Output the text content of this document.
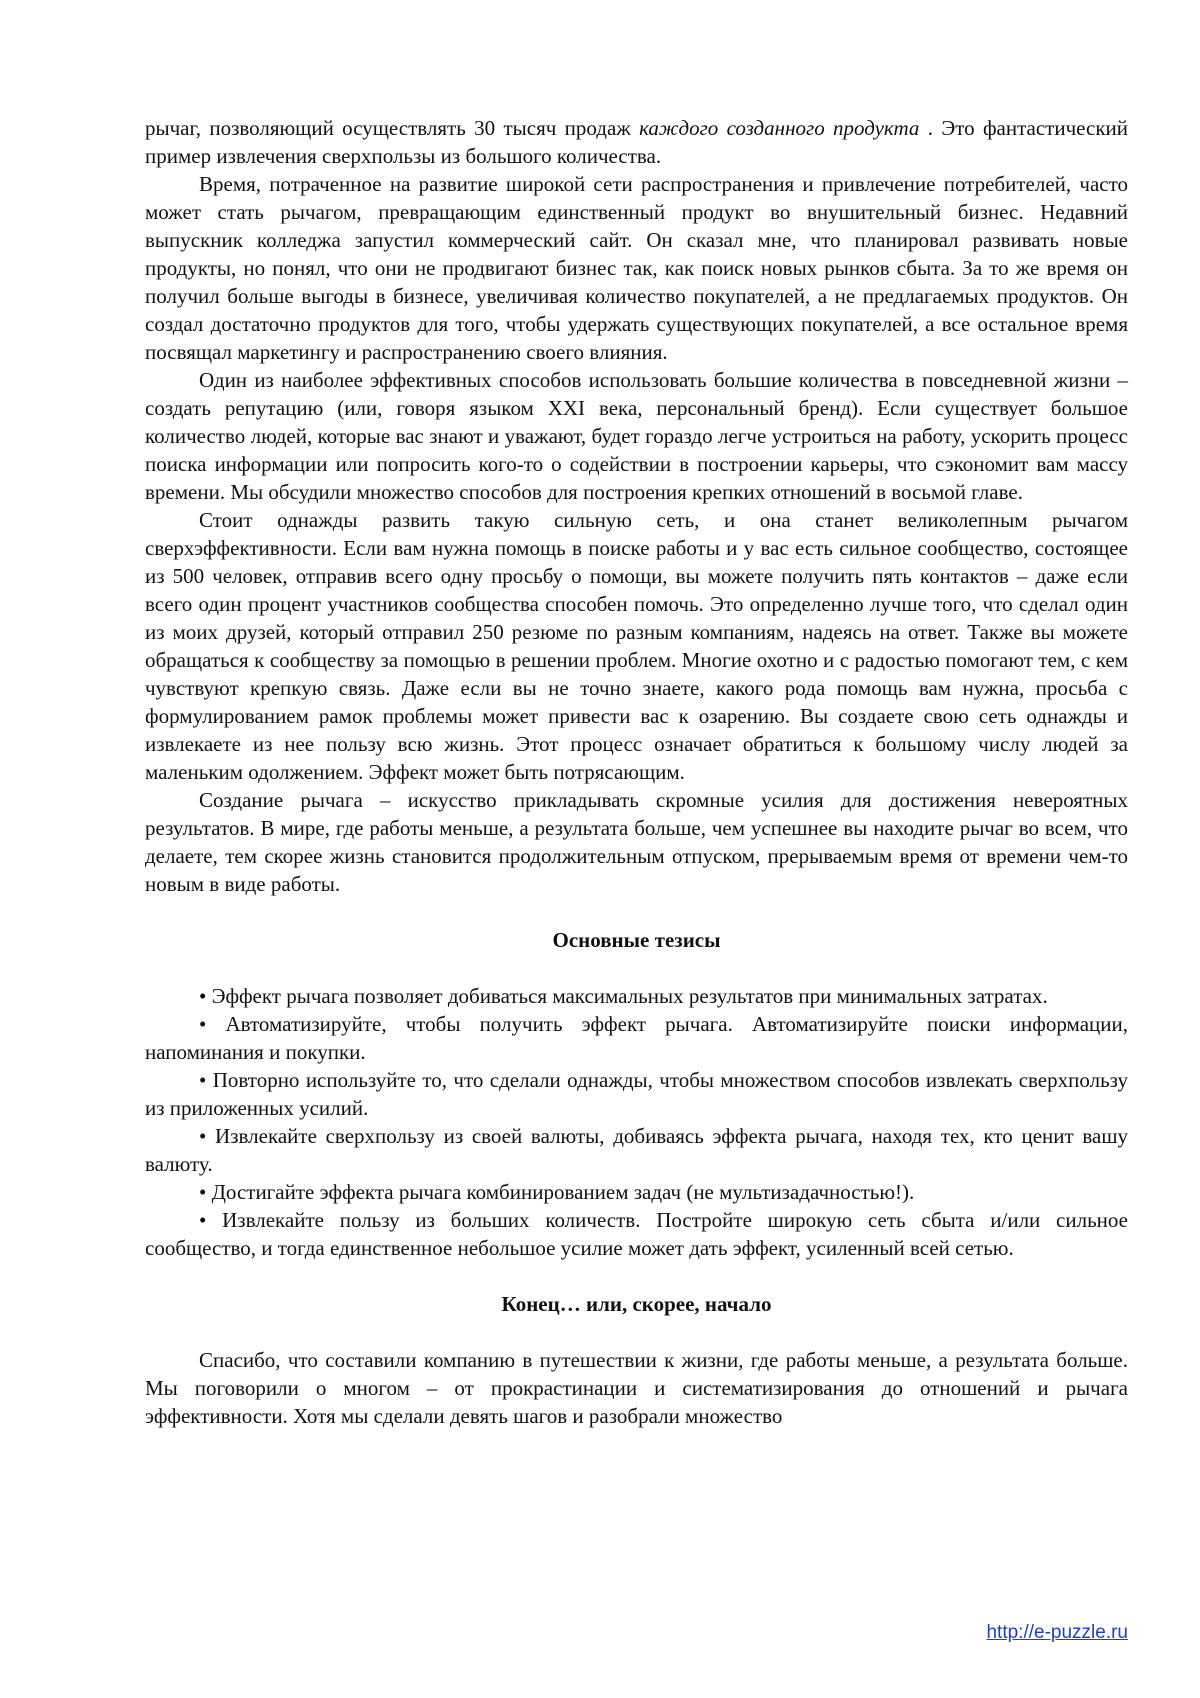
рычаг, позволяющий осуществлять 30 тысяч продаж каждого созданного продукта . Это фантастический пример извлечения сверхпользы из большого количества.

Время, потраченное на развитие широкой сети распространения и привлечение потребителей, часто может стать рычагом, превращающим единственный продукт во внушительный бизнес. Недавний выпускник колледжа запустил коммерческий сайт. Он сказал мне, что планировал развивать новые продукты, но понял, что они не продвигают бизнес так, как поиск новых рынков сбыта. За то же время он получил больше выгоды в бизнесе, увеличивая количество покупателей, а не предлагаемых продуктов. Он создал достаточно продуктов для того, чтобы удержать существующих покупателей, а все остальное время посвящал маркетингу и распространению своего влияния.

Один из наиболее эффективных способов использовать большие количества в повседневной жизни – создать репутацию (или, говоря языком XXI века, персональный бренд). Если существует большое количество людей, которые вас знают и уважают, будет гораздо легче устроиться на работу, ускорить процесс поиска информации или попросить кого-то о содействии в построении карьеры, что сэкономит вам массу времени. Мы обсудили множество способов для построения крепких отношений в восьмой главе.

Стоит однажды развить такую сильную сеть, и она станет великолепным рычагом сверхэффективности. Если вам нужна помощь в поиске работы и у вас есть сильное сообщество, состоящее из 500 человек, отправив всего одну просьбу о помощи, вы можете получить пять контактов – даже если всего один процент участников сообщества способен помочь. Это определенно лучше того, что сделал один из моих друзей, который отправил 250 резюме по разным компаниям, надеясь на ответ. Также вы можете обращаться к сообществу за помощью в решении проблем. Многие охотно и с радостью помогают тем, с кем чувствуют крепкую связь. Даже если вы не точно знаете, какого рода помощь вам нужна, просьба с формулированием рамок проблемы может привести вас к озарению. Вы создаете свою сеть однажды и извлекаете из нее пользу всю жизнь. Этот процесс означает обратиться к большому числу людей за маленьким одолжением. Эффект может быть потрясающим.

Создание рычага – искусство прикладывать скромные усилия для достижения невероятных результатов. В мире, где работы меньше, а результата больше, чем успешнее вы находите рычаг во всем, что делаете, тем скорее жизнь становится продолжительным отпуском, прерываемым время от времени чем-то новым в виде работы.

Основные тезисы

• Эффект рычага позволяет добиваться максимальных результатов при минимальных затратах.

• Автоматизируйте, чтобы получить эффект рычага. Автоматизируйте поиски информации, напоминания и покупки.

• Повторно используйте то, что сделали однажды, чтобы множеством способов извлекать сверхпользу из приложенных усилий.

• Извлекайте сверхпользу из своей валюты, добиваясь эффекта рычага, находя тех, кто ценит вашу валюту.

• Достигайте эффекта рычага комбинированием задач (не мультизадачностью!).

• Извлекайте пользу из больших количеств. Постройте широкую сеть сбыта и/или сильное сообщество, и тогда единственное небольшое усилие может дать эффект, усиленный всей сетью.

Конец… или, скорее, начало

Спасибо, что составили компанию в путешествии к жизни, где работы меньше, а результата больше. Мы поговорили о многом – от прокрастинации и систематизирования до отношений и рычага эффективности. Хотя мы сделали девять шагов и разобрали множество

http://e-puzzle.ru
